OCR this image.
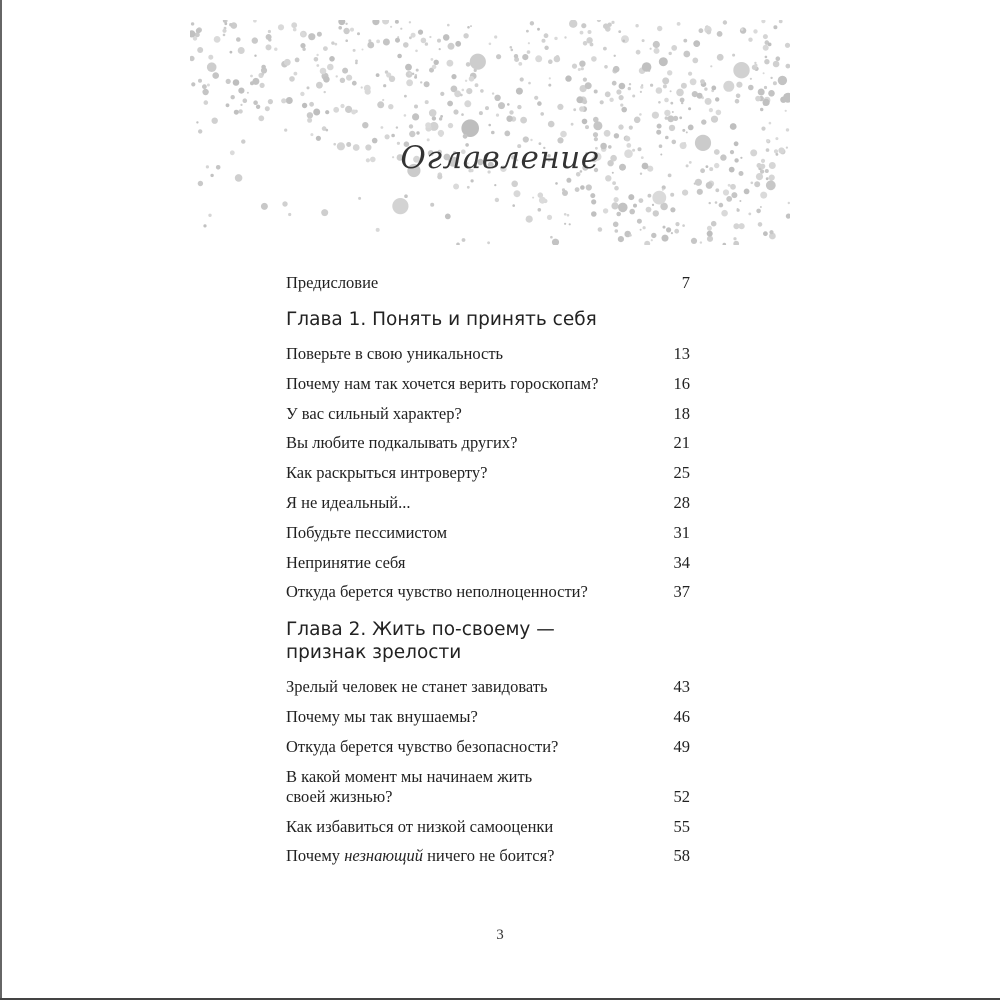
Оглавление
Предисловие	7
Глава 1. Понять и принять себя
Поверьте в свою уникальность	13
Почему нам так хочется верить гороскопам?	16
У вас сильный характер?	18
Вы любите подкалывать других?	21
Как раскрыться интроверту?	25
Я не идеальный...	28
Побудьте пессимистом	31
Непринятие себя	34
Откуда берется чувство неполноценности?	37
Глава 2. Жить по-своему —
признак зрелости
Зрелый человек не станет завидовать	43
Почему мы так внушаемы?	46
Откуда берется чувство безопасности?	49
В какой момент мы начинаем жить
своей жизнью?	52
Как избавиться от низкой самооценки	55
Почему незнающий ничего не боится?	58
3
